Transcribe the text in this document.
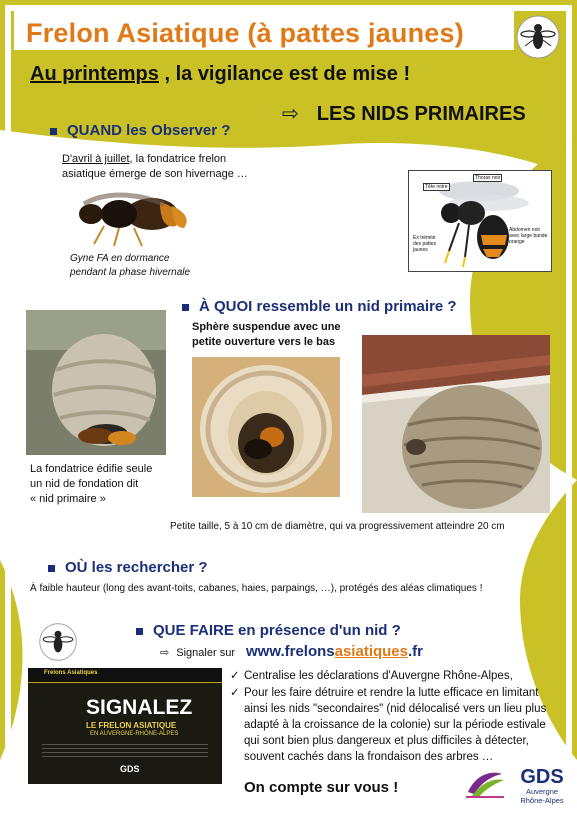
Frelon Asiatique (à pattes jaunes)
Au printemps , la vigilance est de mise !
⇨ LES NIDS PRIMAIRES
QUAND les Observer ?
D'avril à juillet, la fondatrice frelon
asiatique émerge de son hivernage …
Gyne FA en dormance
pendant la phase hivernale
Tête noire
Thorax noir
Abdomen noir avec large bande orange
Ex trémité des pattes jaunes
À QUOI ressemble un nid primaire ?
Sphère suspendue avec une
petite ouverture vers le bas
La fondatrice édifie seule
un nid de fondation dit
« nid primaire »
Petite taille, 5 à 10 cm de diamètre, qui va progressivement atteindre 20 cm
OÙ les rechercher ?
À faible hauteur (long des avant-toits, cabanes, haies, parpaings, …), protégés des aléas climatiques !
QUE FAIRE en présence d'un nid ?
⇨ Signaler sur www.frelonsasiatiques.fr
Frelons Asiatiques
SIGNALEZ
LE FRELON ASIATIQUE
EN AUVERGNE-RHÔNE-ALPES
GDS
✓ Centralise les déclarations d'Auvergne Rhône-Alpes,
✓ Pour les faire détruire et rendre la lutte efficace en limitant
ainsi les nids "secondaires" (nid délocalisé vers un lieu plus
adapté à la croissance de la colonie) sur la période estivale
qui sont bien plus dangereux et plus difficiles à détecter,
souvent cachés dans la frondaison des arbres …
On compte sur vous !	GDS
Auvergne
Rhône-Alpes
